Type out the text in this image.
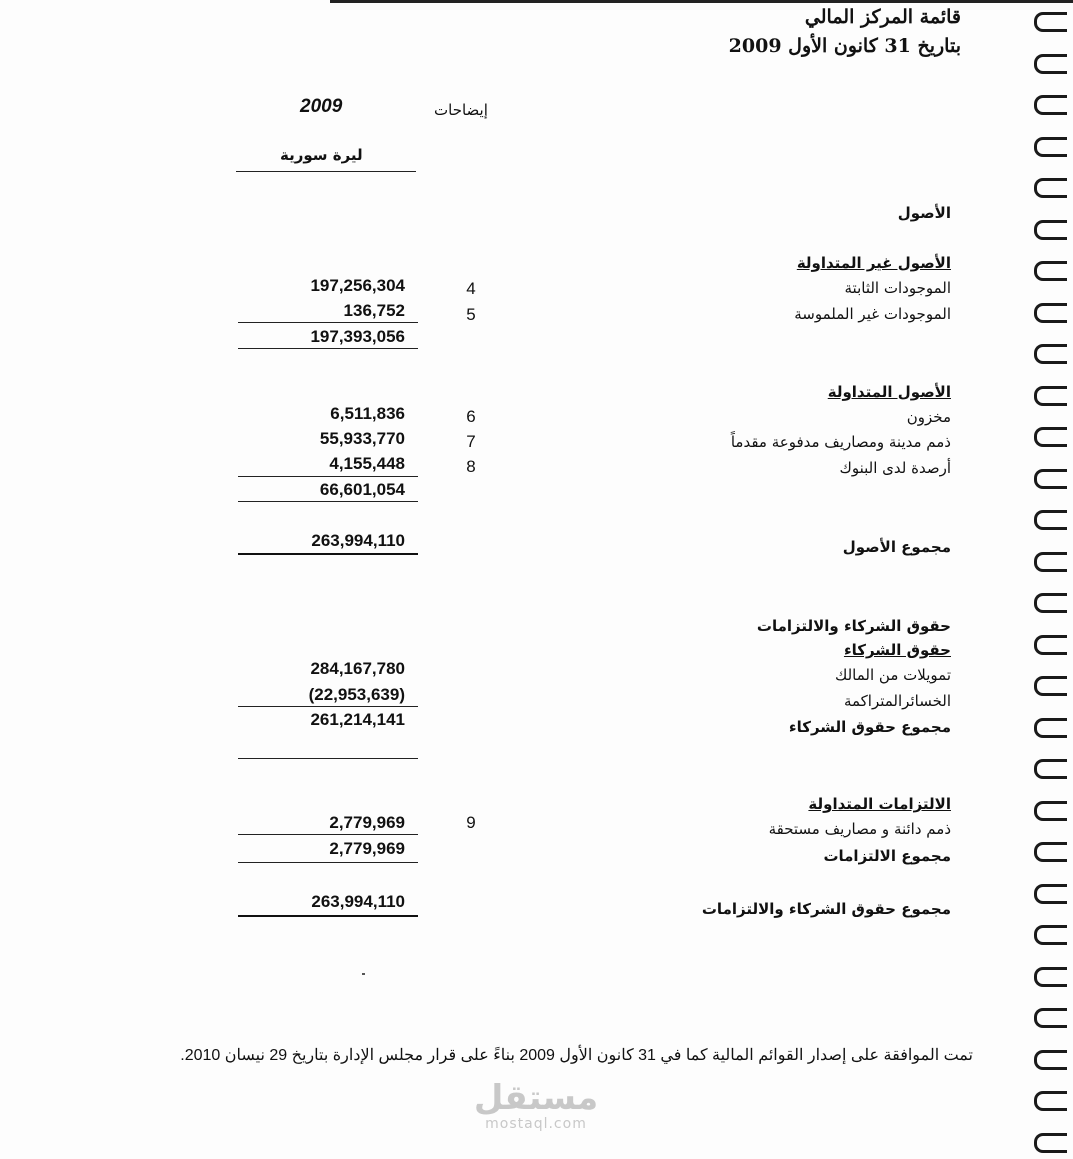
قائمة المركز المالي
بتاريخ 31 كانون الأول 2009
2009	إيضاحات
ليرة سورية
الأصول
الأصول غير المتداولة
الموجودات الثابتة
4
197,256,304
الموجودات غير الملموسة
5
136,752
197,393,056
الأصول المتداولة
مخزون
6
6,511,836
ذمم مدينة ومصاريف مدفوعة مقدماً
7
55,933,770
أرصدة لدى البنوك
8
4,155,448
66,601,054
مجموع الأصول
263,994,110
حقوق الشركاء والالتزامات
حقوق الشركاء
تمويلات من المالك
284,167,780
الخسائرالمتراكمة
(22,953,639)
مجموع حقوق الشركاء
261,214,141
الالتزامات المتداولة
ذمم دائنة و مصاريف مستحقة
9
2,779,969
مجموع الالتزامات
2,779,969
مجموع حقوق الشركاء والالتزامات
263,994,110
تمت الموافقة على إصدار القوائم المالية كما في 31 كانون الأول 2009 بناءً على قرار مجلس الإدارة بتاريخ 29 نيسان 2010.
مستقل
mostaql.com
